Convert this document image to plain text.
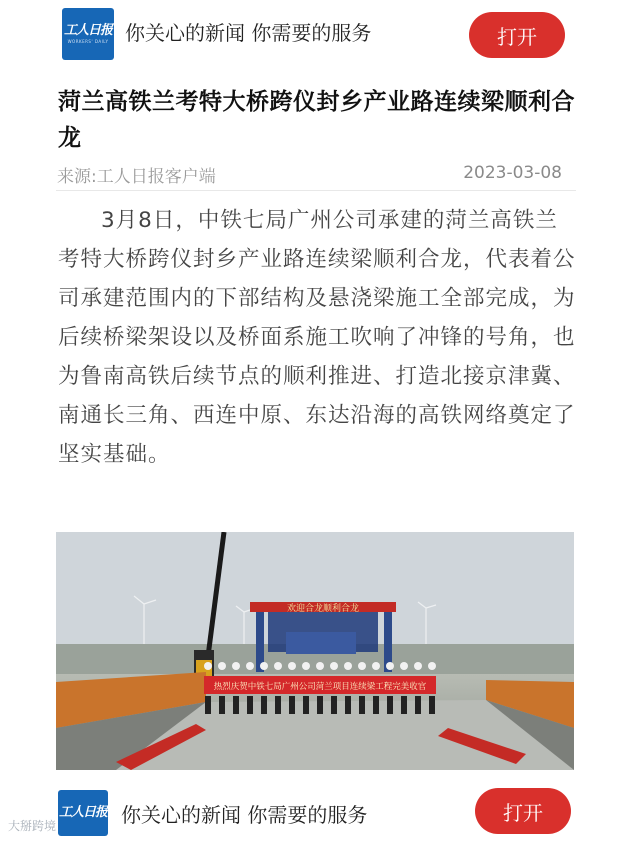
工人日报
WORKERS' DAILY 你关心的新闻 你需要的服务	打开
菏兰高铁兰考特大桥跨仪封乡产业路连续梁顺利合龙
来源:工人日报客户端	2023-03-08

3月8日，中铁七局广州公司承建的菏兰高铁兰考特大桥跨仪封乡产业路连续梁顺利合龙，代表着公司承建范围内的下部结构及悬浇梁施工全部完成，为后续桥梁架设以及桥面系施工吹响了冲锋的号角，也为鲁南高铁后续节点的顺利推进、打造北接京津冀、南通长三角、西连中原、东达沿海的高铁网络奠定了坚实基础。

欢迎合龙顺利合龙
热烈庆贺中铁七局广州公司菏兰项目连续梁工程完美收官
工人日报 你关心的新闻 你需要的服务	打开
大掰跨境
